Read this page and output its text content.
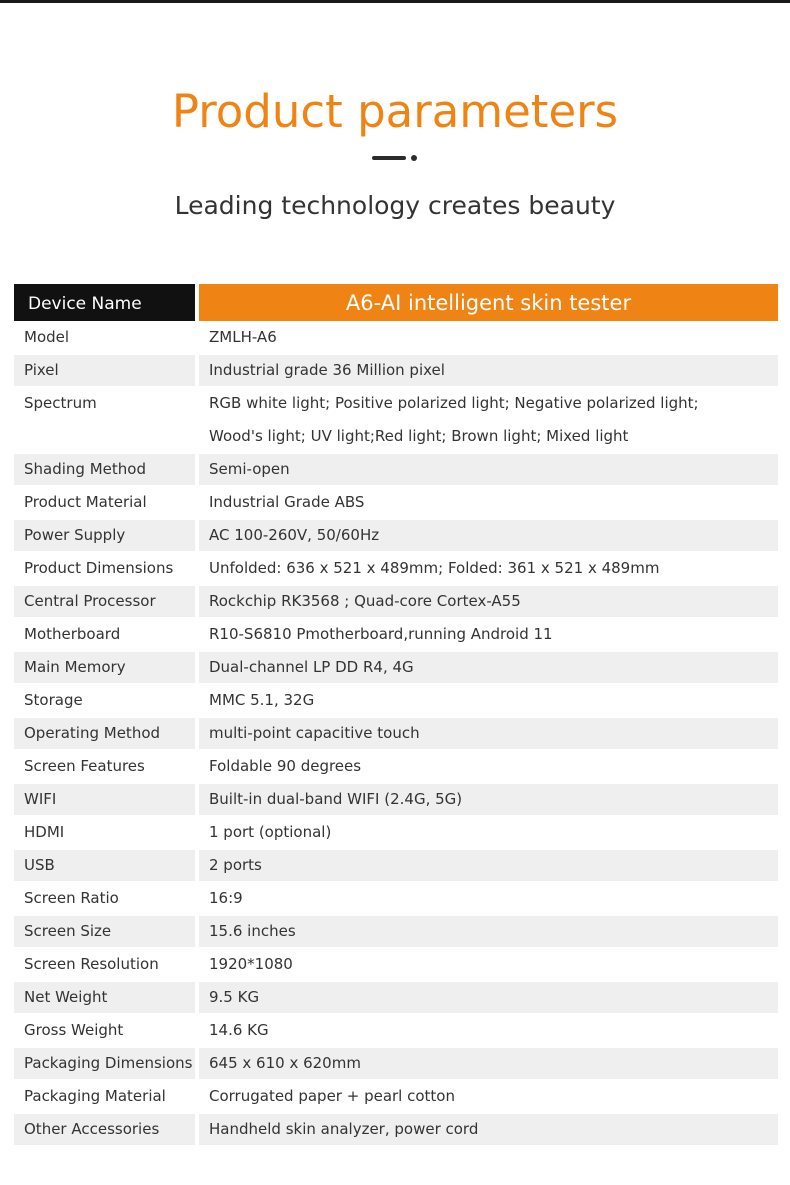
Product parameters
Leading technology creates beauty
Device Name	A6-AI intelligent skin tester
Model	ZMLH-A6
Pixel	Industrial grade 36 Million pixel
Spectrum	RGB white light; Positive polarized light; Negative polarized light;
Wood's light; UV light;Red light; Brown light; Mixed light
Shading Method	Semi-open
Product Material	Industrial Grade ABS
Power Supply	AC 100-260V, 50/60Hz
Product Dimensions	Unfolded: 636 x 521 x 489mm; Folded: 361 x 521 x 489mm
Central Processor	Rockchip RK3568 ; Quad-core Cortex-A55
Motherboard	R10-S6810 Pmotherboard,running Android 11
Main Memory	Dual-channel LP DD R4, 4G
Storage	MMC 5.1, 32G
Operating Method	multi-point capacitive touch
Screen Features	Foldable 90 degrees
WIFI	Built-in dual-band WIFI (2.4G, 5G)
HDMI	1 port (optional)
USB	2 ports
Screen Ratio	16:9
Screen Size	15.6 inches
Screen Resolution	1920*1080
Net Weight	9.5 KG
Gross Weight	14.6 KG
Packaging Dimensions	645 x 610 x 620mm
Packaging Material	Corrugated paper + pearl cotton
Other Accessories	Handheld skin analyzer, power cord
